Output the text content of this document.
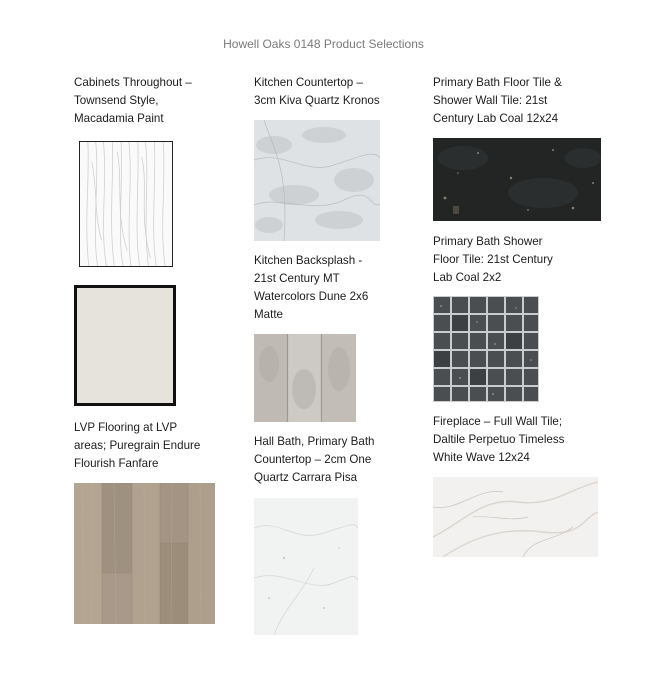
Howell Oaks 0148 Product Selections
Cabinets Throughout –
Townsend Style,
Macadamia Paint
LVP Flooring at LVP
areas; Puregrain Endure
Flourish Fanfare
Kitchen Countertop –
3cm Kiva Quartz Kronos
Kitchen Backsplash -
21st Century MT
Watercolors Dune 2x6
Matte
Hall Bath, Primary Bath
Countertop – 2cm One
Quartz Carrara Pisa
Primary Bath Floor Tile &
Shower Wall Tile: 21st
Century Lab Coal 12x24
Primary Bath Shower
Floor Tile: 21st Century
Lab Coal 2x2
Fireplace – Full Wall Tile;
Daltile Perpetuo Timeless
White Wave 12x24
